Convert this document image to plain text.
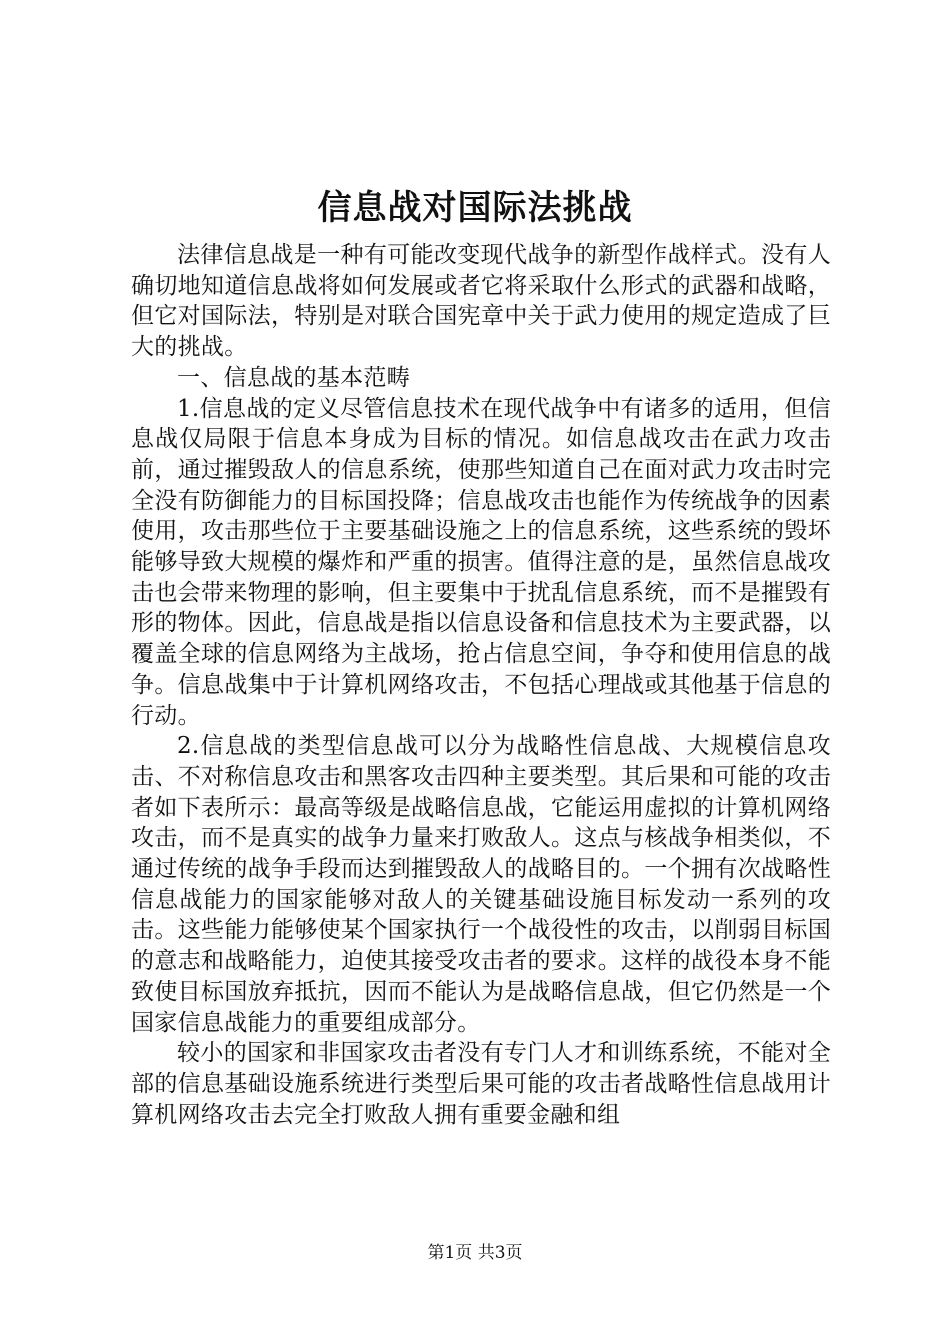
信息战对国际法挑战

法律信息战是一种有可能改变现代战争的新型作战样式。没有人确切地知道信息战将如何发展或者它将采取什么形式的武器和战略，但它对国际法，特别是对联合国宪章中关于武力使用的规定造成了巨大的挑战。

一、信息战的基本范畴

1.信息战的定义尽管信息技术在现代战争中有诸多的适用，但信息战仅局限于信息本身成为目标的情况。如信息战攻击在武力攻击前，通过摧毁敌人的信息系统，使那些知道自己在面对武力攻击时完全没有防御能力的目标国投降；信息战攻击也能作为传统战争的因素使用，攻击那些位于主要基础设施之上的信息系统，这些系统的毁坏能够导致大规模的爆炸和严重的损害。值得注意的是，虽然信息战攻击也会带来物理的影响，但主要集中于扰乱信息系统，而不是摧毁有形的物体。因此，信息战是指以信息设备和信息技术为主要武器，以覆盖全球的信息网络为主战场，抢占信息空间，争夺和使用信息的战争。信息战集中于计算机网络攻击，不包括心理战或其他基于信息的行动。

2.信息战的类型信息战可以分为战略性信息战、大规模信息攻击、不对称信息攻击和黑客攻击四种主要类型。其后果和可能的攻击者如下表所示：最高等级是战略信息战，它能运用虚拟的计算机网络攻击，而不是真实的战争力量来打败敌人。这点与核战争相类似，不通过传统的战争手段而达到摧毁敌人的战略目的。一个拥有次战略性信息战能力的国家能够对敌人的关键基础设施目标发动一系列的攻击。这些能力能够使某个国家执行一个战役性的攻击，以削弱目标国的意志和战略能力，迫使其接受攻击者的要求。这样的战役本身不能致使目标国放弃抵抗，因而不能认为是战略信息战，但它仍然是一个国家信息战能力的重要组成部分。

较小的国家和非国家攻击者没有专门人才和训练系统，不能对全部的信息基础设施系统进行类型后果可能的攻击者战略性信息战用计算机网络攻击去完全打败敌人拥有重要金融和组

第1页 共3页
